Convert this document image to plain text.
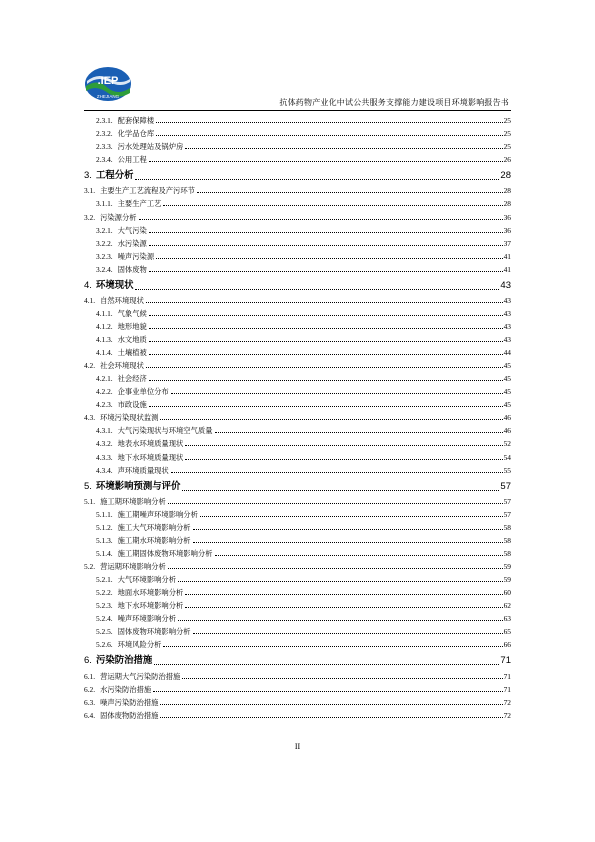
.IEP
ZHEJIANG
抗体药物产业化中试公共服务支撑能力建设项目环境影响报告书
2.3.1. 配套保障楼	25
2.3.2. 化学品仓库	25
2.3.3. 污水处理站及锅炉房	25
2.3.4. 公用工程	26
3. 工程分析	28
3.1. 主要生产工艺流程及产污环节	28
3.1.1. 主要生产工艺	28
3.2. 污染源分析	36
3.2.1. 大气污染	36
3.2.2. 水污染源	37
3.2.3. 噪声污染源	41
3.2.4. 固体废物	41
4. 环境现状	43
4.1. 自然环境现状	43
4.1.1. 气象气候	43
4.1.2. 地形地貌	43
4.1.3. 水文地质	43
4.1.4. 土壤植被	44
4.2. 社会环境现状	45
4.2.1. 社会经济	45
4.2.2. 企事业单位分布	45
4.2.3. 市政设施	45
4.3. 环境污染现状监测	46
4.3.1. 大气污染现状与环境空气质量	46
4.3.2. 地表水环境质量现状	52
4.3.3. 地下水环境质量现状	54
4.3.4. 声环境质量现状	55
5. 环境影响预测与评价	57
5.1. 施工期环境影响分析	57
5.1.1. 施工期噪声环境影响分析	57
5.1.2. 施工大气环境影响分析	58
5.1.3. 施工期水环境影响分析	58
5.1.4. 施工期固体废物环境影响分析	58
5.2. 营运期环境影响分析	59
5.2.1. 大气环境影响分析	59
5.2.2. 地面水环境影响分析	60
5.2.3. 地下水环境影响分析	62
5.2.4. 噪声环境影响分析	63
5.2.5. 固体废物环境影响分析	65
5.2.6. 环境风险分析	66
6. 污染防治措施	71
6.1. 营运期大气污染防治措施	71
6.2. 水污染防治措施	71
6.3. 噪声污染防治措施	72
6.4. 固体废物防治措施	72
II
